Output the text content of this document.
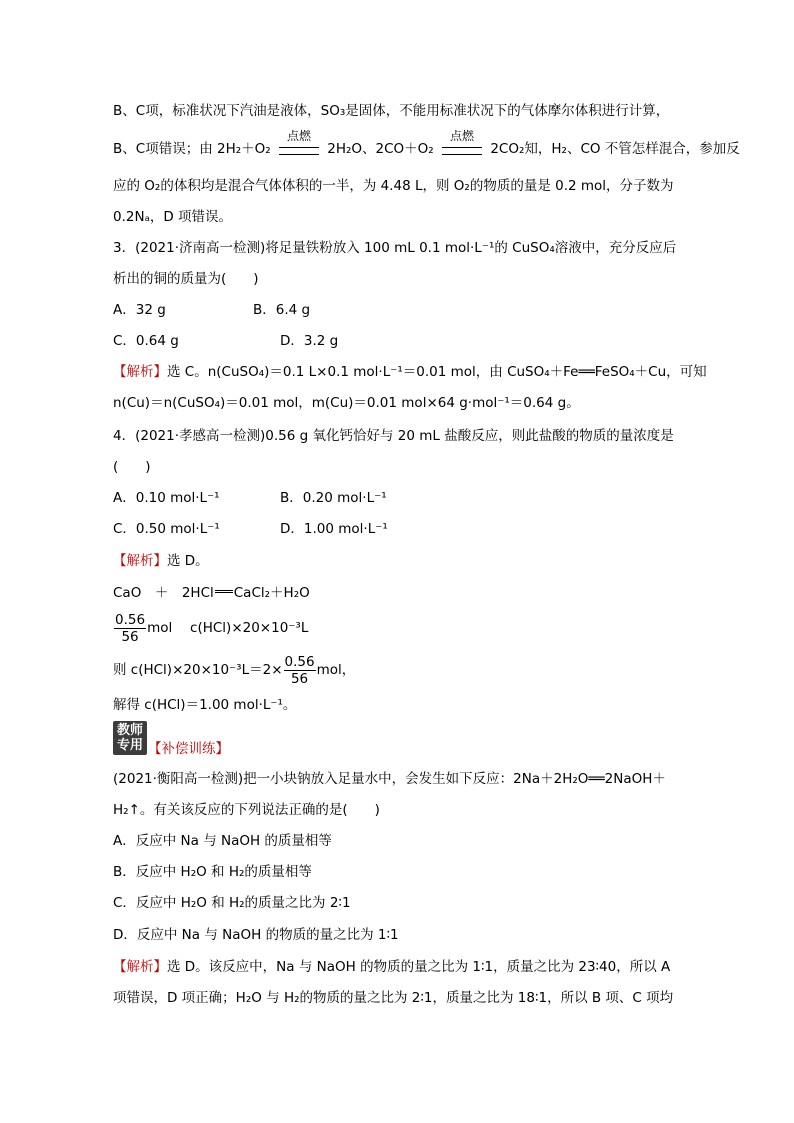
B、C项，标准状况下汽油是液体，SO₃是固体，不能用标准状况下的气体摩尔体积进行计算，
B、C项错误；由 2H₂＋O₂
点燃
2H₂O、2CO＋O₂
点燃
2CO₂知，H₂、CO 不管怎样混合，参加反
应的 O₂的体积均是混合气体体积的一半，为 4.48 L，则 O₂的物质的量是 0.2 mol，分子数为
0.2Nₐ，D 项错误。
3．(2021·济南高一检测)将足量铁粉放入 100 mL 0.1 mol·L⁻¹的 CuSO₄溶液中，充分反应后
析出的铜的质量为(　　)
A．32 g	B．6.4 g
C．0.64 g	D．3.2 g
【解析】选 C。n(CuSO₄)＝0.1 L×0.1 mol·L⁻¹＝0.01 mol，由 CuSO₄＋Fe══FeSO₄＋Cu，可知
n(Cu)＝n(CuSO₄)＝0.01 mol，m(Cu)＝0.01 mol×64 g·mol⁻¹＝0.64 g。
4．(2021·孝感高一检测)0.56 g 氧化钙恰好与 20 mL 盐酸反应，则此盐酸的物质的量浓度是
(　　)
A．0.10 mol·L⁻¹	B．0.20 mol·L⁻¹
C．0.50 mol·L⁻¹	D．1.00 mol·L⁻¹
【解析】选 D。
CaO　＋　2HCl CaCl₂＋H₂O
$\frac{0.56}{56}$ mol　 c(HCl)×20×10⁻³L
则 $c(HCl)\times 20\times 10^{-3}L=2\times \frac{0.56}{56}$ mol，
解得 c(HCl)＝1.00 mol·L⁻¹。
教师
专用 【补偿训练】
(2021·衡阳高一检测)把一小块钠放入足量水中，会发生如下反应：2Na＋2H₂O══2NaOH＋
H₂↑。有关该反应的下列说法正确的是(　　)
A．反应中 Na 与 NaOH 的质量相等
B．反应中 H₂O 和 H₂的质量相等
C．反应中 H₂O 和 H₂的质量之比为 2∶1
D．反应中 Na 与 NaOH 的物质的量之比为 1∶1
【解析】选 D。该反应中，Na 与 NaOH 的物质的量之比为 1∶1，质量之比为 23∶40，所以 A
项错误，D 项正确；H₂O 与 H₂的物质的量之比为 2∶1，质量之比为 18∶1，所以 B 项、C 项均
